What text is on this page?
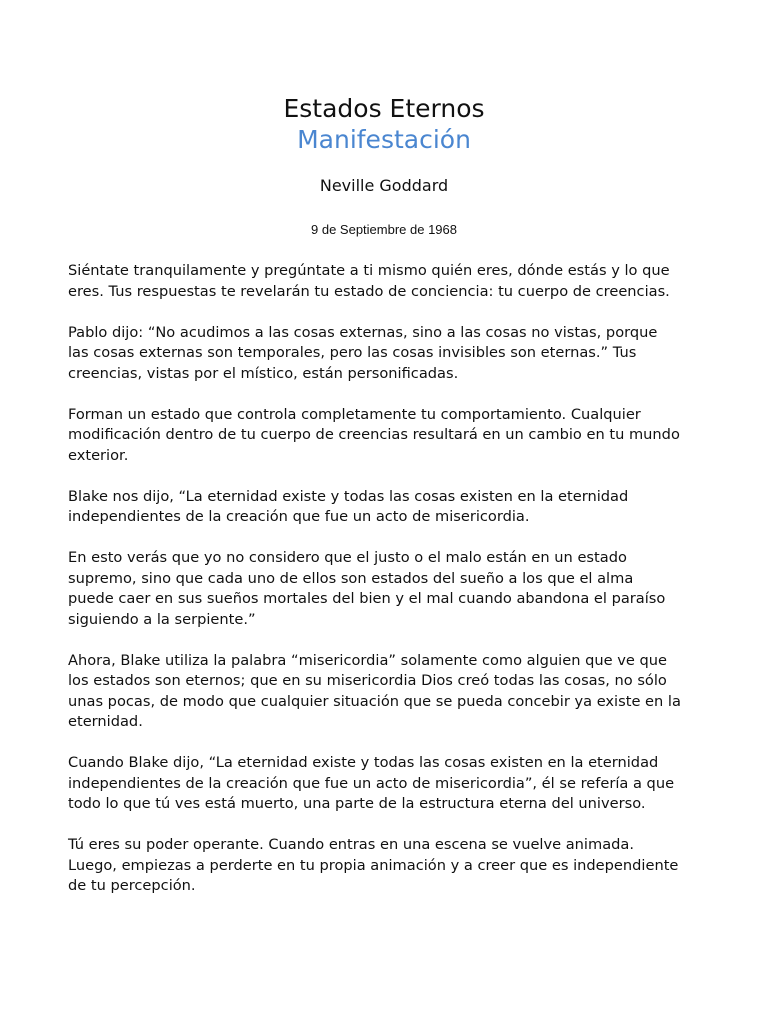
Estados Eternos
Manifestación
Neville Goddard
9 de Septiembre de 1968

Siéntate tranquilamente y pregúntate a ti mismo quién eres, dónde estás y lo que
eres. Tus respuestas te revelarán tu estado de conciencia: tu cuerpo de creencias.

Pablo dijo: “No acudimos a las cosas externas, sino a las cosas no vistas, porque
las cosas externas son temporales, pero las cosas invisibles son eternas.” Tus
creencias, vistas por el místico, están personificadas.

Forman un estado que controla completamente tu comportamiento. Cualquier
modificación dentro de tu cuerpo de creencias resultará en un cambio en tu mundo
exterior.

Blake nos dijo, “La eternidad existe y todas las cosas existen en la eternidad
independientes de la creación que fue un acto de misericordia.

En esto verás que yo no considero que el justo o el malo están en un estado
supremo, sino que cada uno de ellos son estados del sueño a los que el alma
puede caer en sus sueños mortales del bien y el mal cuando abandona el paraíso
siguiendo a la serpiente.”

Ahora, Blake utiliza la palabra “misericordia” solamente como alguien que ve que
los estados son eternos; que en su misericordia Dios creó todas las cosas, no sólo
unas pocas, de modo que cualquier situación que se pueda concebir ya existe en la
eternidad.

Cuando Blake dijo, “La eternidad existe y todas las cosas existen en la eternidad
independientes de la creación que fue un acto de misericordia”, él se refería a que
todo lo que tú ves está muerto, una parte de la estructura eterna del universo.

Tú eres su poder operante. Cuando entras en una escena se vuelve animada.
Luego, empiezas a perderte en tu propia animación y a creer que es independiente
de tu percepción.
